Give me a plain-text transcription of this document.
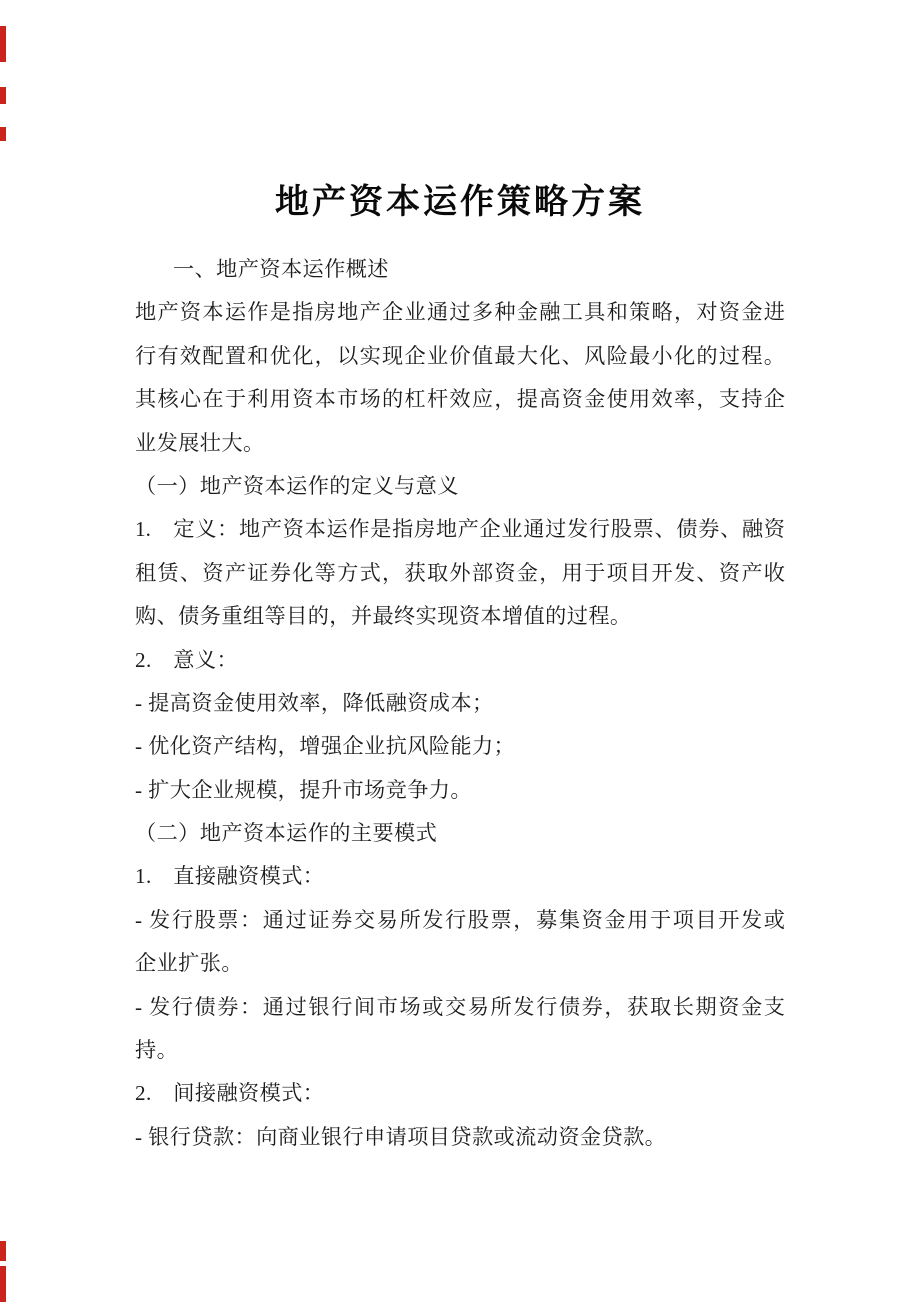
地产资本运作策略方案
一、地产资本运作概述
地产资本运作是指房地产企业通过多种金融工具和策略，对资金进
行有效配置和优化，以实现企业价值最大化、风险最小化的过程。
其核心在于利用资本市场的杠杆效应，提高资金使用效率，支持企
业发展壮大。
（一）地产资本运作的定义与意义
1.　定义：地产资本运作是指房地产企业通过发行股票、债券、融资
租赁、资产证券化等方式，获取外部资金，用于项目开发、资产收
购、债务重组等目的，并最终实现资本增值的过程。
2.　意义：
- 提高资金使用效率，降低融资成本；
- 优化资产结构，增强企业抗风险能力；
- 扩大企业规模，提升市场竞争力。
（二）地产资本运作的主要模式
1.　直接融资模式：
- 发行股票：通过证券交易所发行股票，募集资金用于项目开发或
企业扩张。
- 发行债券：通过银行间市场或交易所发行债券，获取长期资金支
持。
2.　间接融资模式：
- 银行贷款：向商业银行申请项目贷款或流动资金贷款。
